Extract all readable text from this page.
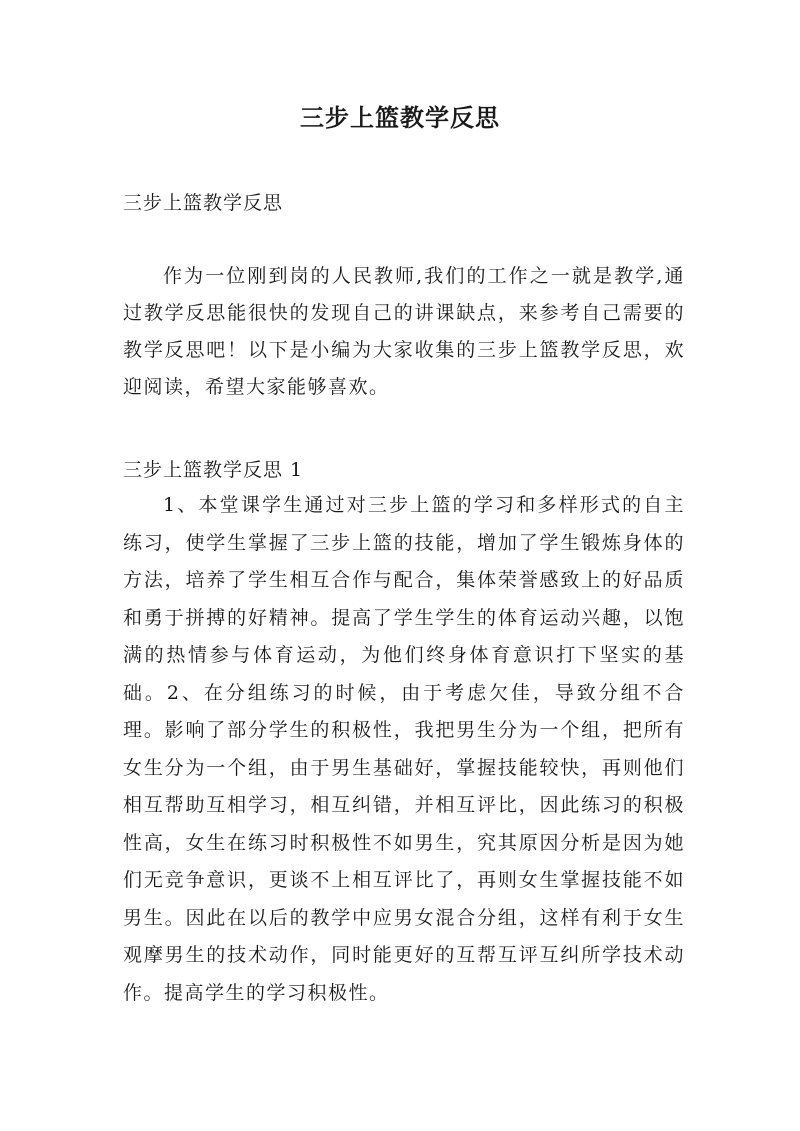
三步上篮教学反思
三步上篮教学反思

作为一位刚到岗的人民教师,我们的工作之一就是教学,通过教学反思能很快的发现自己的讲课缺点，来参考自己需要的教学反思吧！以下是小编为大家收集的三步上篮教学反思，欢迎阅读，希望大家能够喜欢。

三步上篮教学反思 1

1、本堂课学生通过对三步上篮的学习和多样形式的自主练习，使学生掌握了三步上篮的技能，增加了学生锻炼身体的方法，培养了学生相互合作与配合，集体荣誉感致上的好品质和勇于拼搏的好精神。提高了学生学生的体育运动兴趣，以饱满的热情参与体育运动，为他们终身体育意识打下坚实的基础。2、在分组练习的时候，由于考虑欠佳，导致分组不合理。影响了部分学生的积极性，我把男生分为一个组，把所有女生分为一个组，由于男生基础好，掌握技能较快，再则他们相互帮助互相学习，相互纠错，并相互评比，因此练习的积极性高，女生在练习时积极性不如男生，究其原因分析是因为她们无竞争意识，更谈不上相互评比了，再则女生掌握技能不如男生。因此在以后的教学中应男女混合分组，这样有利于女生观摩男生的技术动作，同时能更好的互帮互评互纠所学技术动作。提高学生的学习积极性。
